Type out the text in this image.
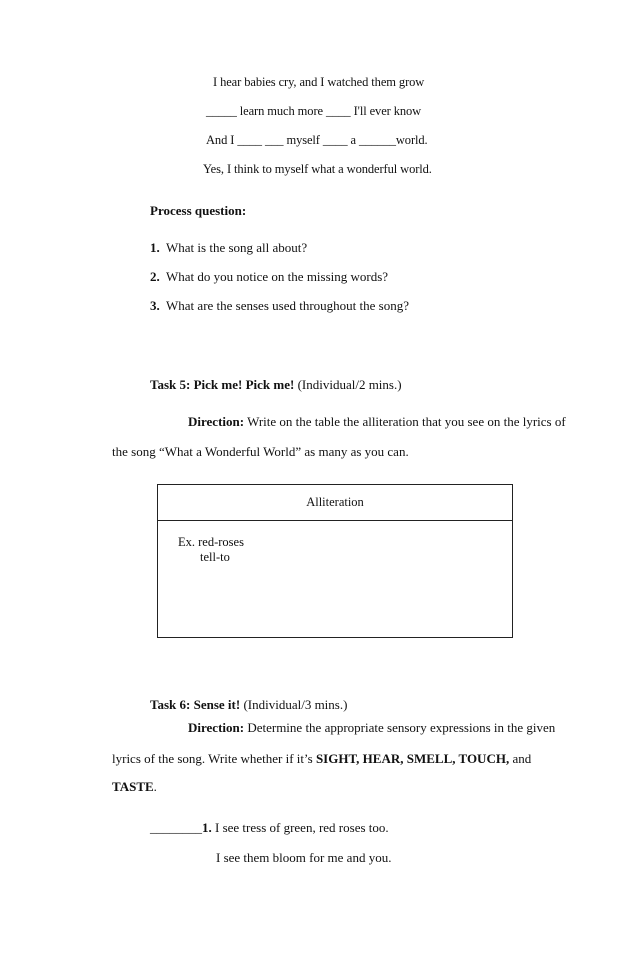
I hear babies cry, and I watched them grow
_____ learn much more ____ I'll ever know
And I ____ ___ myself ____ a ______world.
Yes, I think to myself what a wonderful world.
Process question:
1. What is the song all about?
2. What do you notice on the missing words?
3. What are the senses used throughout the song?
Task 5: Pick me! Pick me! (Individual/2 mins.)
Direction: Write on the table the alliteration that you see on the lyrics of
the song “What a Wonderful World” as many as you can.
Alliteration
Ex. red-roses
tell-to
Task 6: Sense it! (Individual/3 mins.)
Direction: Determine the appropriate sensory expressions in the given
lyrics of the song. Write whether if it’s SIGHT, HEAR, SMELL, TOUCH, and
TASTE.
________1. I see tress of green, red roses too.
I see them bloom for me and you.
